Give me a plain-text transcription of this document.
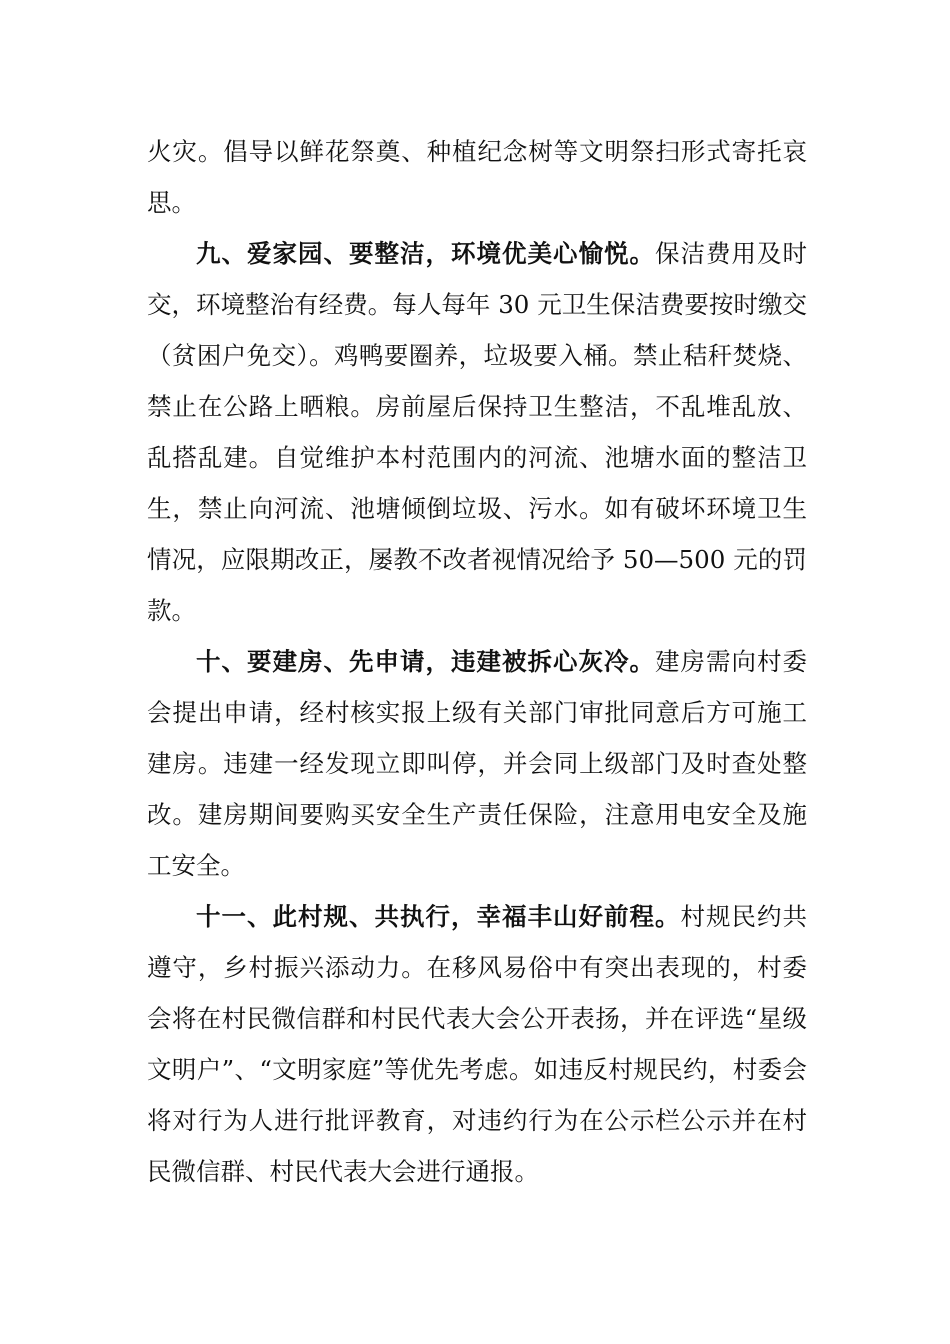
火灾。倡导以鲜花祭奠、种植纪念树等文明祭扫形式寄托哀思。

九、爱家园、要整洁，环境优美心愉悦。保洁费用及时交，环境整治有经费。每人每年 30 元卫生保洁费要按时缴交（贫困户免交）。鸡鸭要圈养，垃圾要入桶。禁止秸秆焚烧、禁止在公路上晒粮。房前屋后保持卫生整洁，不乱堆乱放、乱搭乱建。自觉维护本村范围内的河流、池塘水面的整洁卫生，禁止向河流、池塘倾倒垃圾、污水。如有破坏环境卫生情况，应限期改正，屡教不改者视情况给予 50—500 元的罚款。

十、要建房、先申请，违建被拆心灰冷。建房需向村委会提出申请，经村核实报上级有关部门审批同意后方可施工建房。违建一经发现立即叫停，并会同上级部门及时查处整改。建房期间要购买安全生产责任保险，注意用电安全及施工安全。

十一、此村规、共执行，幸福丰山好前程。村规民约共遵守，乡村振兴添动力。在移风易俗中有突出表现的，村委会将在村民微信群和村民代表大会公开表扬，并在评选“星级文明户”、“文明家庭”等优先考虑。如违反村规民约，村委会将对行为人进行批评教育，对违约行为在公示栏公示并在村民微信群、村民代表大会进行通报。
